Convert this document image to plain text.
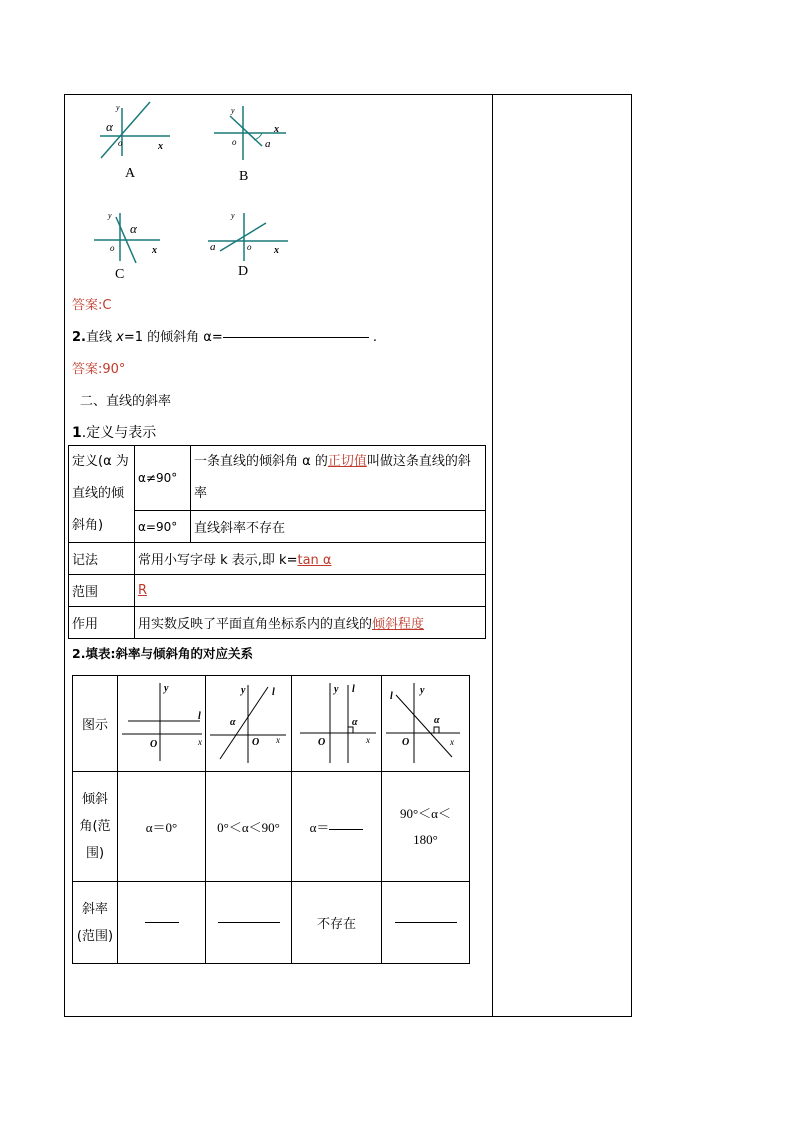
y
α
o	x
A
y
o
x
a
B
y
α
o	x
C
y
a	o x
D
答案:C
2.直线 x=1 的倾斜角 α=	.
答案:90°
二、直线的斜率
1.定义与表示
定义(α 为直线的倾斜角)	α≠90°	一条直线的倾斜角 α 的正切值叫做这条直线的斜率
	α=90°	直线斜率不存在
记法	常用小写字母 k 表示,即 k=tan α	
范围	R	
作用	用实数反映了平面直角坐标系内的直线的倾斜程度	
2.填表:斜率与倾斜角的对应关系
图示	y
l
O x	y l
α
O x	y l
α
O x	y
l
α
O x

倾斜角(范围)	α＝0°	0°＜α＜90°	α＝	90°＜α＜180°
斜率(范围)			不存在	
